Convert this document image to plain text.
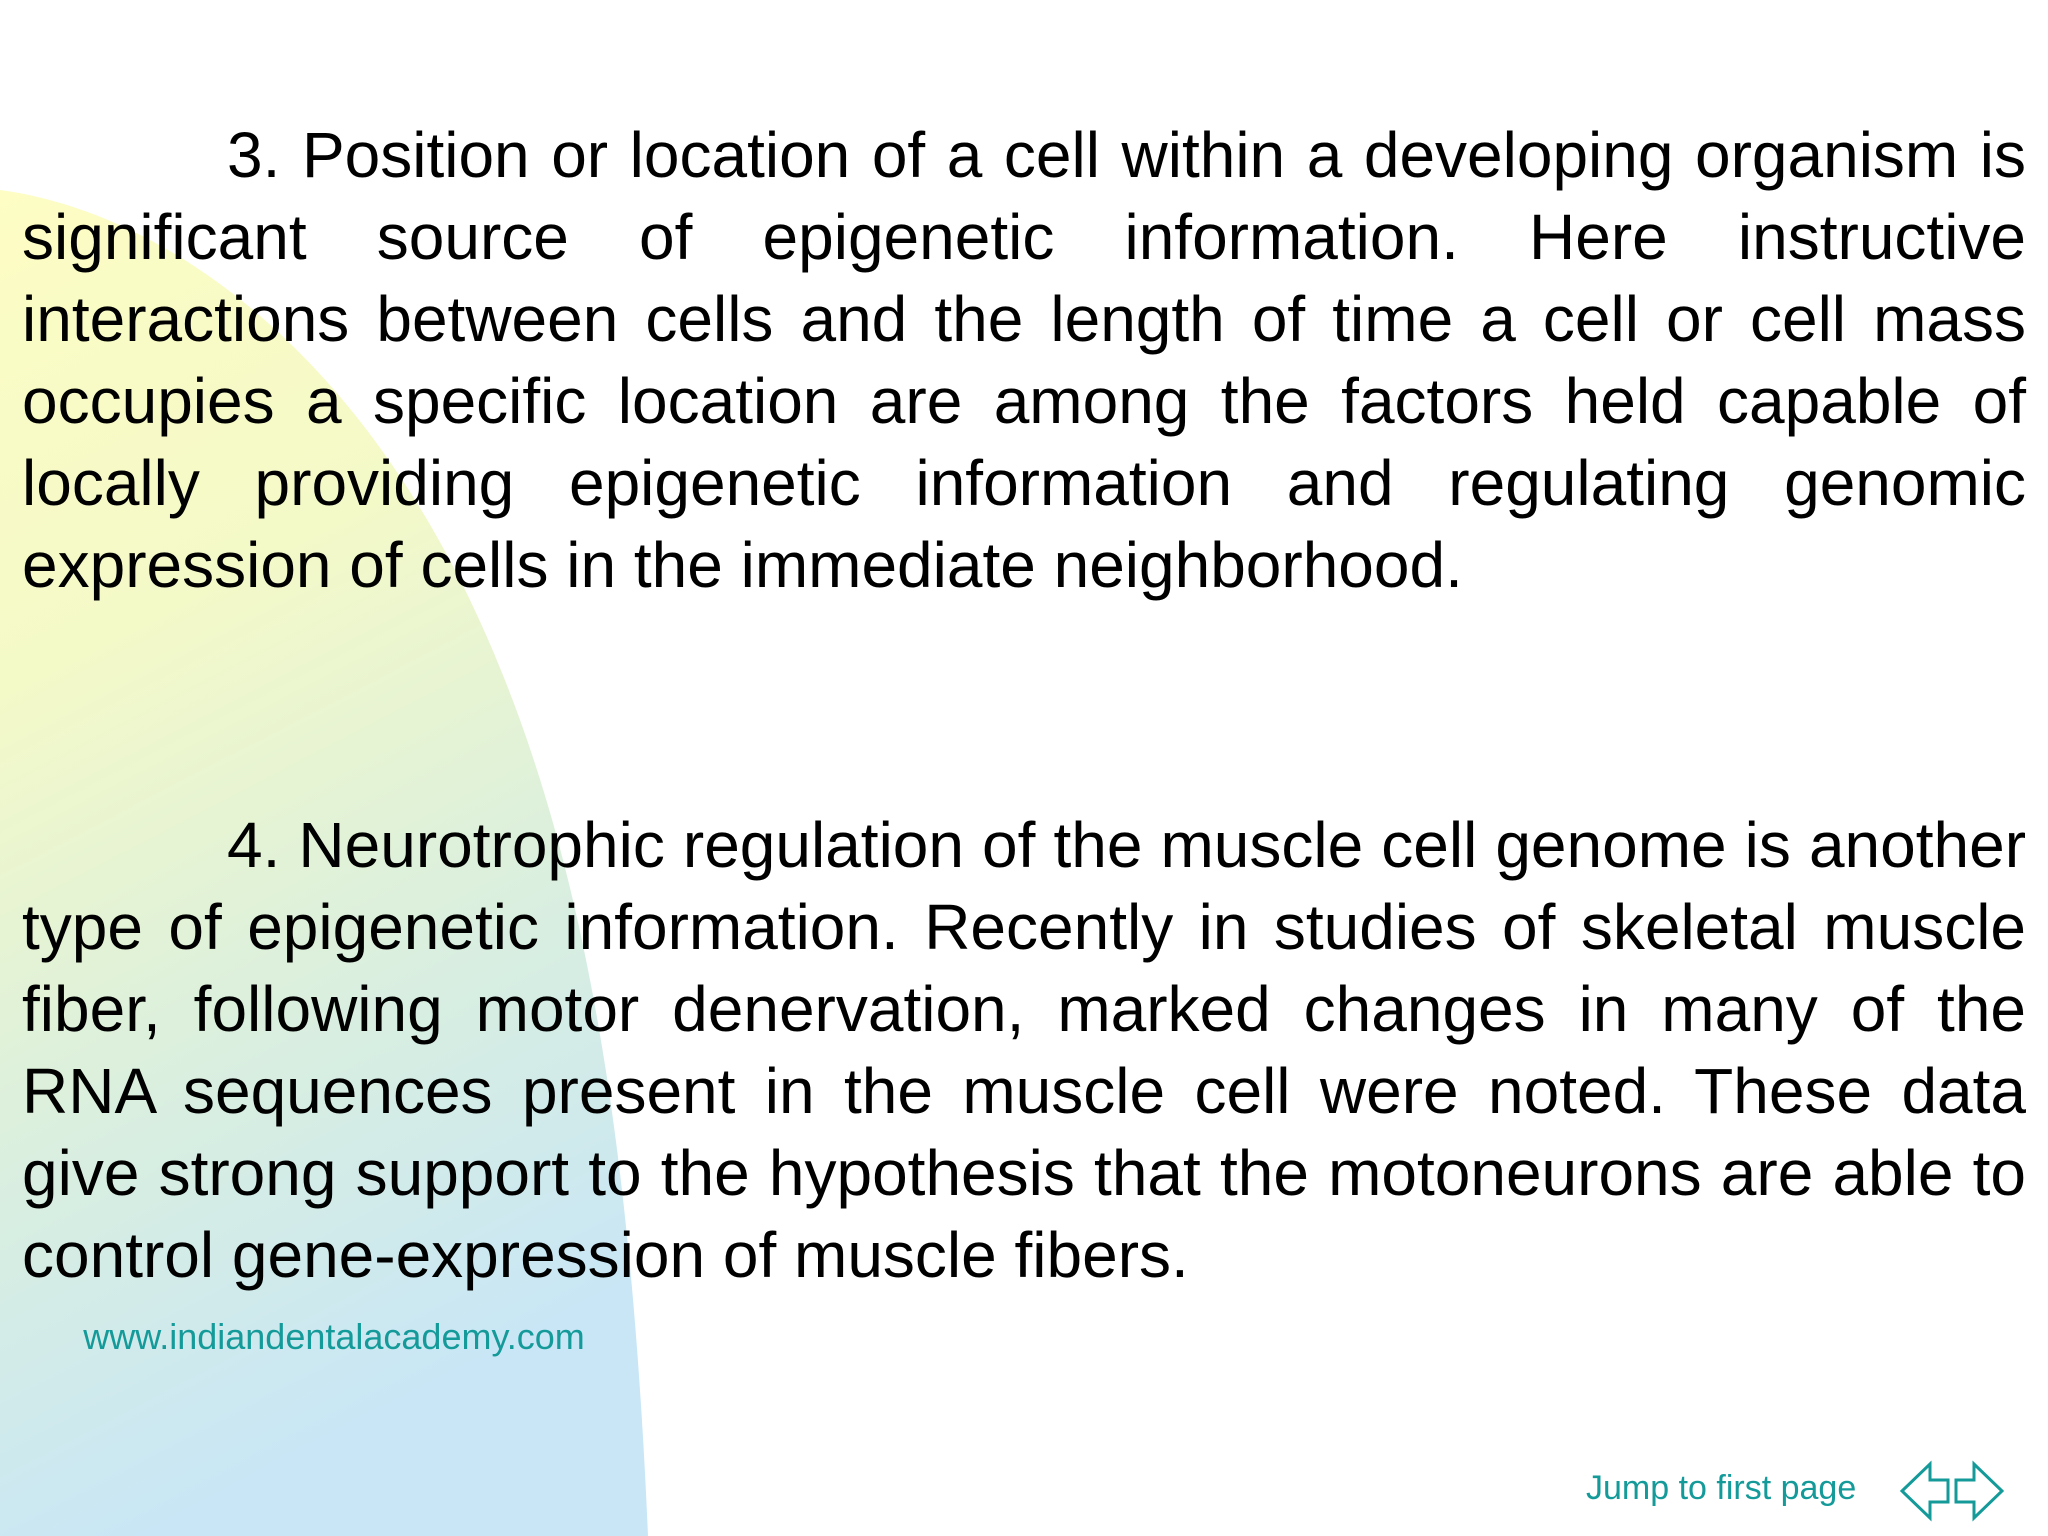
3. Position or location of a cell within a developing organism is significant source of epigenetic information. Here instructive interactions between cells and the length of time a cell or cell mass occupies a specific location are among the factors held capable of locally providing epigenetic information and regulating genomic expression of cells in the immediate neighborhood.

4. Neurotrophic regulation of the muscle cell genome is another type of epigenetic information. Recently in studies of skeletal muscle fiber, following motor denervation, marked changes in many of the RNA sequences present in the muscle cell were noted. These data give strong support to the hypothesis that the motoneurons are able to control gene-expression of muscle fibers.

www.indiandentalacademy.com
Jump to first page
